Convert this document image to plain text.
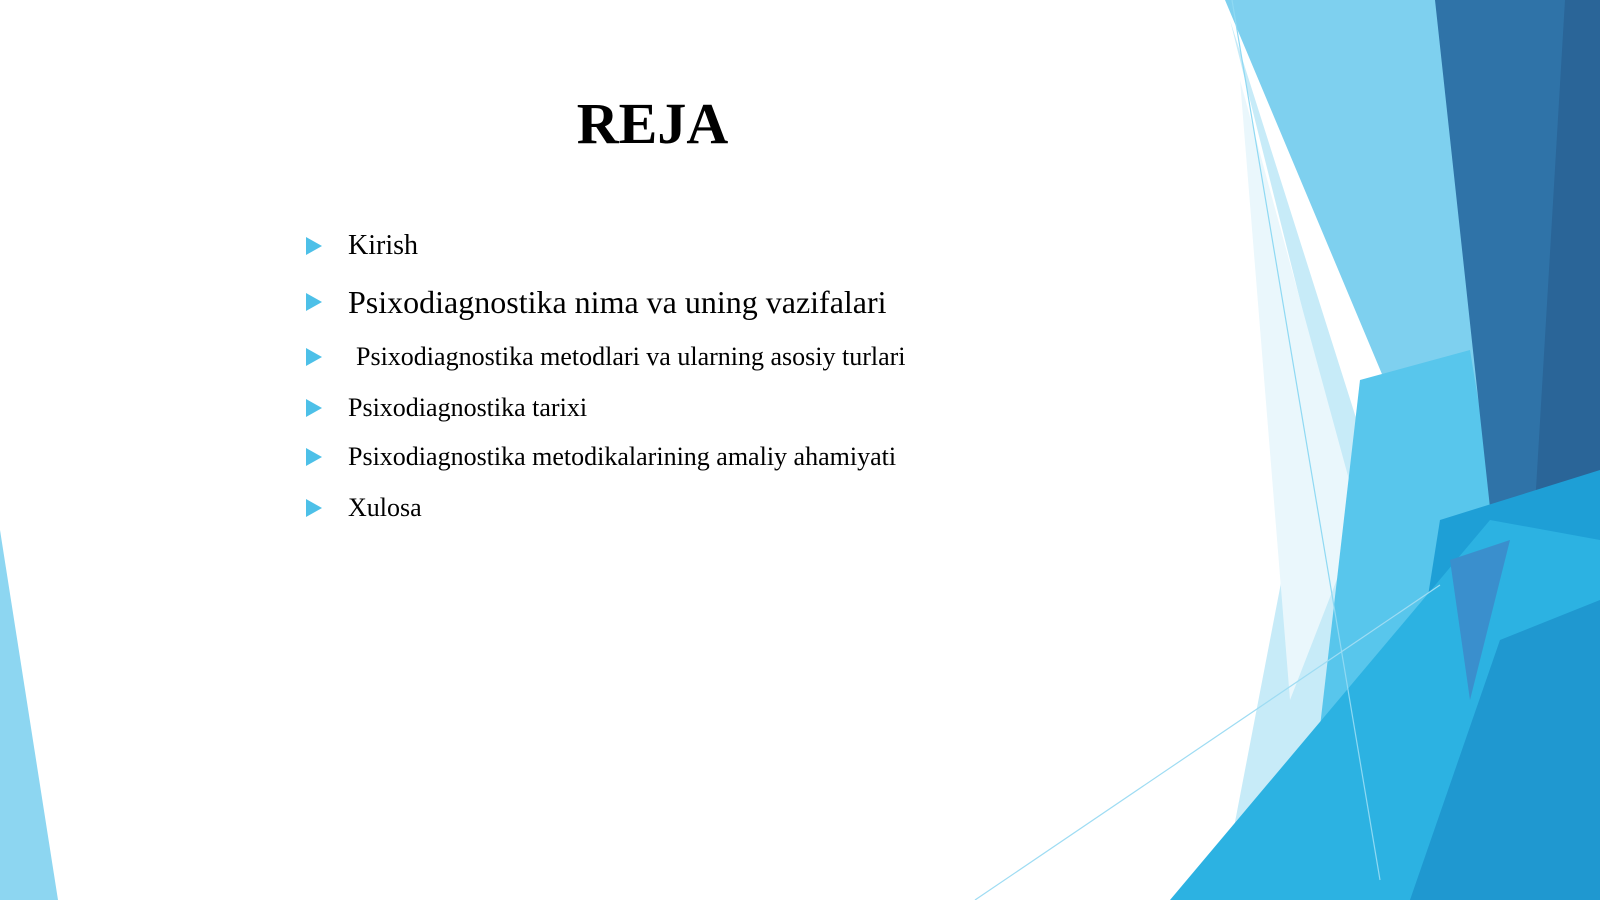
REJA
Kirish
Psixodiagnostika nima va uning vazifalari
Psixodiagnostika metodlari va ularning asosiy turlari
Psixodiagnostika tarixi
Psixodiagnostika metodikalarining amaliy ahamiyati
Xulosa
